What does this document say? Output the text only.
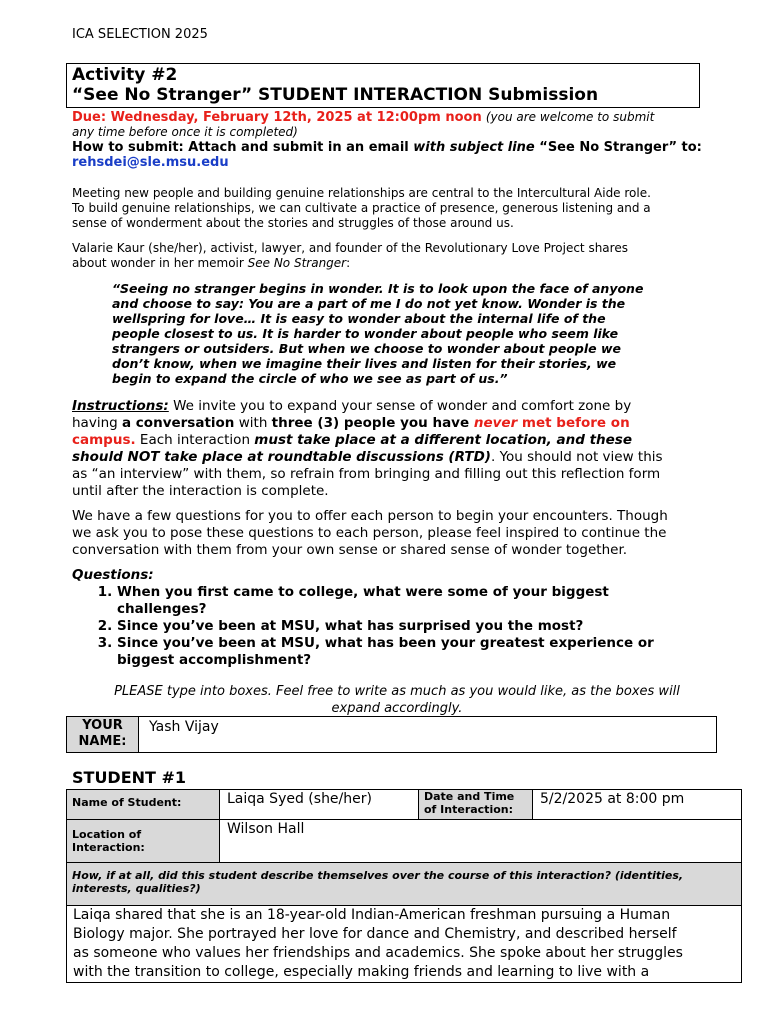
ICA SELECTION 2025
Activity #2
“See No Stranger” STUDENT INTERACTION Submission
Due: Wednesday, February 12th, 2025 at 12:00pm noon (you are welcome to submit
any time before once it is completed)
How to submit: Attach and submit in an email with subject line “See No Stranger” to:
rehsdei@sle.msu.edu
Meeting new people and building genuine relationships are central to the Intercultural Aide role.
To build genuine relationships, we can cultivate a practice of presence, generous listening and a
sense of wonderment about the stories and struggles of those around us.
Valarie Kaur (she/her), activist, lawyer, and founder of the Revolutionary Love Project shares
about wonder in her memoir See No Stranger:
“Seeing no stranger begins in wonder. It is to look upon the face of anyone
and choose to say: You are a part of me I do not yet know. Wonder is the
wellspring for love… It is easy to wonder about the internal life of the
people closest to us. It is harder to wonder about people who seem like
strangers or outsiders. But when we choose to wonder about people we
don’t know, when we imagine their lives and listen for their stories, we
begin to expand the circle of who we see as part of us.”
Instructions: We invite you to expand your sense of wonder and comfort zone by
having a conversation with three (3) people you have never met before on
campus. Each interaction must take place at a different location, and these
should NOT take place at roundtable discussions (RTD). You should not view this
as “an interview” with them, so refrain from bringing and filling out this reflection form
until after the interaction is complete.
We have a few questions for you to offer each person to begin your encounters. Though
we ask you to pose these questions to each person, please feel inspired to continue the
conversation with them from your own sense or shared sense of wonder together.
Questions:
1. When you first came to college, what were some of your biggest challenges?
2. Since you’ve been at MSU, what has surprised you the most?
3. Since you’ve been at MSU, what has been your greatest experience or biggest accomplishment?
PLEASE type into boxes. Feel free to write as much as you would like, as the boxes will
expand accordingly.
YOUR
NAME:
	Yash Vijay
STUDENT #1
Name of Student:	Laiqa Syed (she/her)	Date and Time
of Interaction:	5/2/2025 at 8:00 pm

Location of
Interaction:	Wilson Hall		

How, if at all, did this student describe themselves over the course of this interaction? (identities,
interests, qualities?)			

Laiqa shared that she is an 18-year-old Indian-American freshman pursuing a Human
Biology major. She portrayed her love for dance and Chemistry, and described herself
as someone who values her friendships and academics. She spoke about her struggles
with the transition to college, especially making friends and learning to live with a			
